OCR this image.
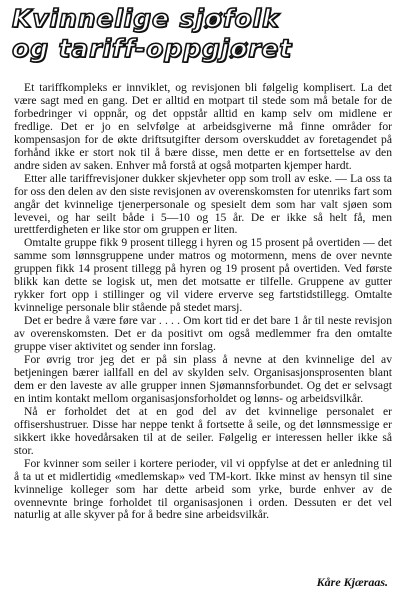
Kvinnelige sjøfolk
og tariff-oppgjøret

Et tariffkompleks er innviklet, og revisjonen bli følgelig komplisert. La det være sagt med en gang. Det er alltid en motpart til stede som må betale for de forbedringer vi oppnår, og det oppstår alltid en kamp selv om midlene er fredlige. Det er jo en selvfølge at arbeidsgiverne må finne områder for kompensasjon for de økte driftsutgifter dersom overskuddet av foretagendet på forhånd ikke er stort nok til å bære disse, men dette er en fortsettelse av den andre siden av saken. Enhver må forstå at også motparten kjemper hardt.

Etter alle tariffrevisjoner dukker skjevheter opp som troll av eske. — La oss ta for oss den delen av den siste revisjonen av overenskomsten for utenriks fart som angår det kvinnelige tjenerpersonale og spesielt dem som har valt sjøen som levevei, og har seilt både i 5—10 og 15 år. De er ikke så helt få, men urettferdigheten er like stor om gruppen er liten.

Omtalte gruppe fikk 9 prosent tillegg i hyren og 15 prosent på overtiden — det samme som lønnsgruppene under matros og motormenn, mens de over nevnte gruppen fikk 14 prosent tillegg på hyren og 19 prosent på overtiden. Ved første blikk kan dette se logisk ut, men det motsatte er tilfelle. Gruppene av gutter rykker fort opp i stillinger og vil videre erverve seg fartstidstillegg. Omtalte kvinnelige personale blir stående på stedet marsj.

Det er bedre å være føre var . . . . Om kort tid er det bare 1 år til neste revisjon av overenskomsten. Det er da positivt om også medlemmer fra den omtalte gruppe viser aktivitet og sender inn forslag.

For øvrig tror jeg det er på sin plass å nevne at den kvinnelige del av betjeningen bærer iallfall en del av skylden selv. Organisasjonsprosenten blant dem er den laveste av alle grupper innen Sjømannsforbundet. Og det er selvsagt en intim kontakt mellom organisasjonsforholdet og lønns- og arbeidsvilkår.

Nå er forholdet det at en god del av det kvinnelige personalet er offisershustruer. Disse har neppe tenkt å fortsette å seile, og det lønnsmessige er sikkert ikke hovedårsaken til at de seiler. Følgelig er interessen heller ikke så stor.

For kvinner som seiler i kortere perioder, vil vi oppfylse at det er anledning til å ta ut et midlertidig «medlemskap» ved TM-kort. Ikke minst av hensyn til sine kvinnelige kolleger som har dette arbeid som yrke, burde enhver av de ovennevnte bringe forholdet til organisasjonen i orden. Dessuten er det vel naturlig at alle skyver på for å bedre sine arbeidsvilkår.

Kåre Kjæraas.
